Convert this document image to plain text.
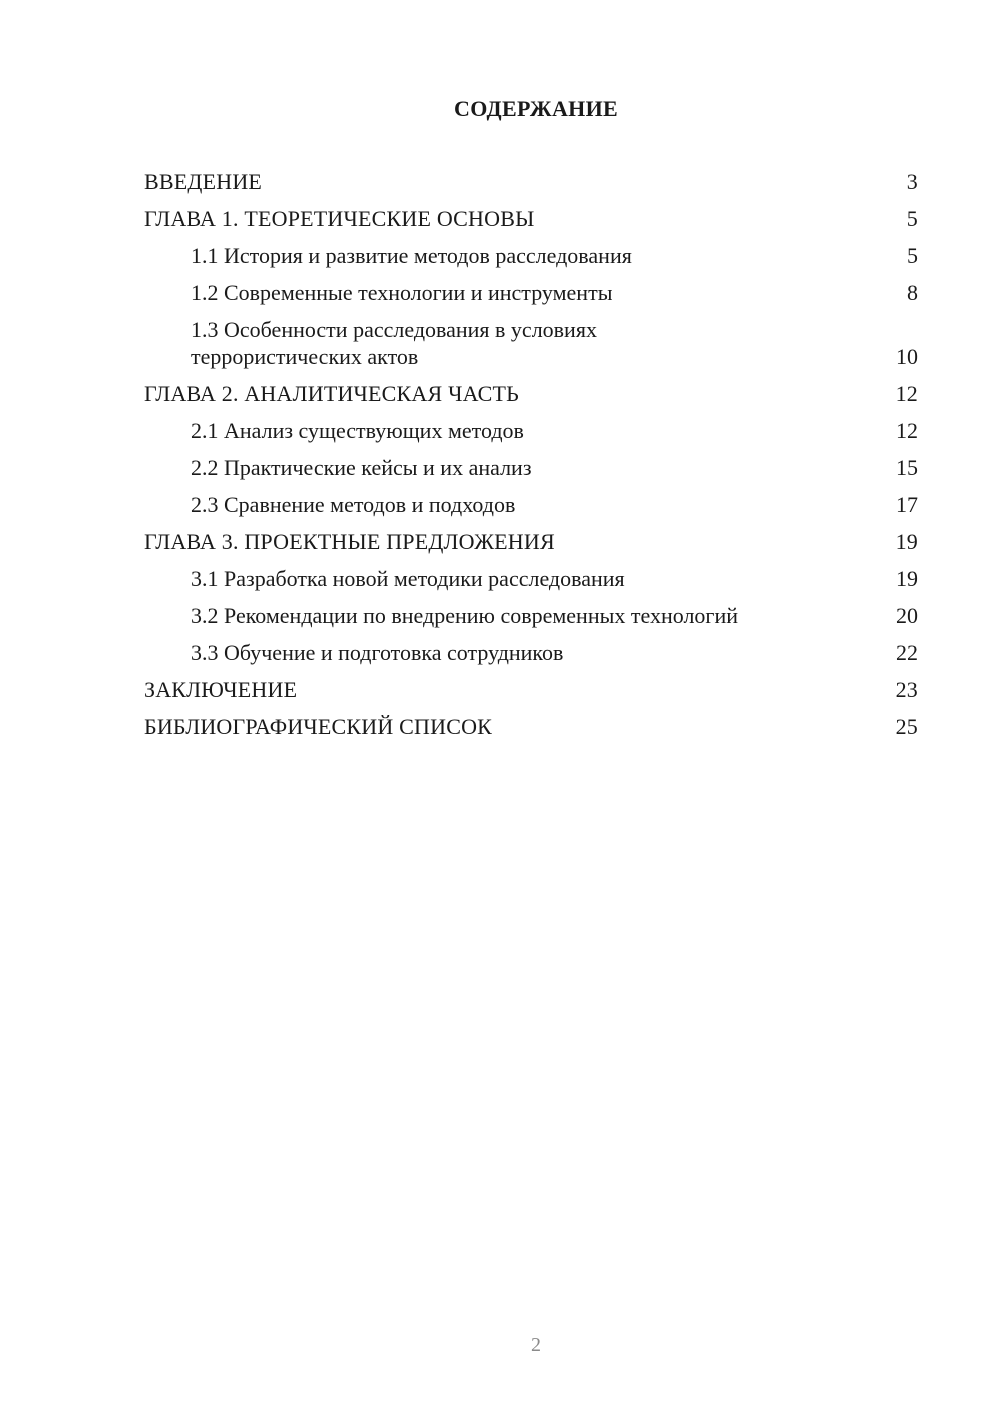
СОДЕРЖАНИЕ
ВВЕДЕНИЕ	3
ГЛАВА 1. ТЕОРЕТИЧЕСКИЕ ОСНОВЫ	5
1.1 История и развитие методов расследования	5
1.2 Современные технологии и инструменты	8
1.3 Особенности расследования в условиях
террористических актов	10
ГЛАВА 2. АНАЛИТИЧЕСКАЯ ЧАСТЬ	12
2.1 Анализ существующих методов	12
2.2 Практические кейсы и их анализ	15
2.3 Сравнение методов и подходов	17
ГЛАВА 3. ПРОЕКТНЫЕ ПРЕДЛОЖЕНИЯ	19
3.1 Разработка новой методики расследования	19
3.2 Рекомендации по внедрению современных технологий	20
3.3 Обучение и подготовка сотрудников	22
ЗАКЛЮЧЕНИЕ	23
БИБЛИОГРАФИЧЕСКИЙ СПИСОК	25
2
